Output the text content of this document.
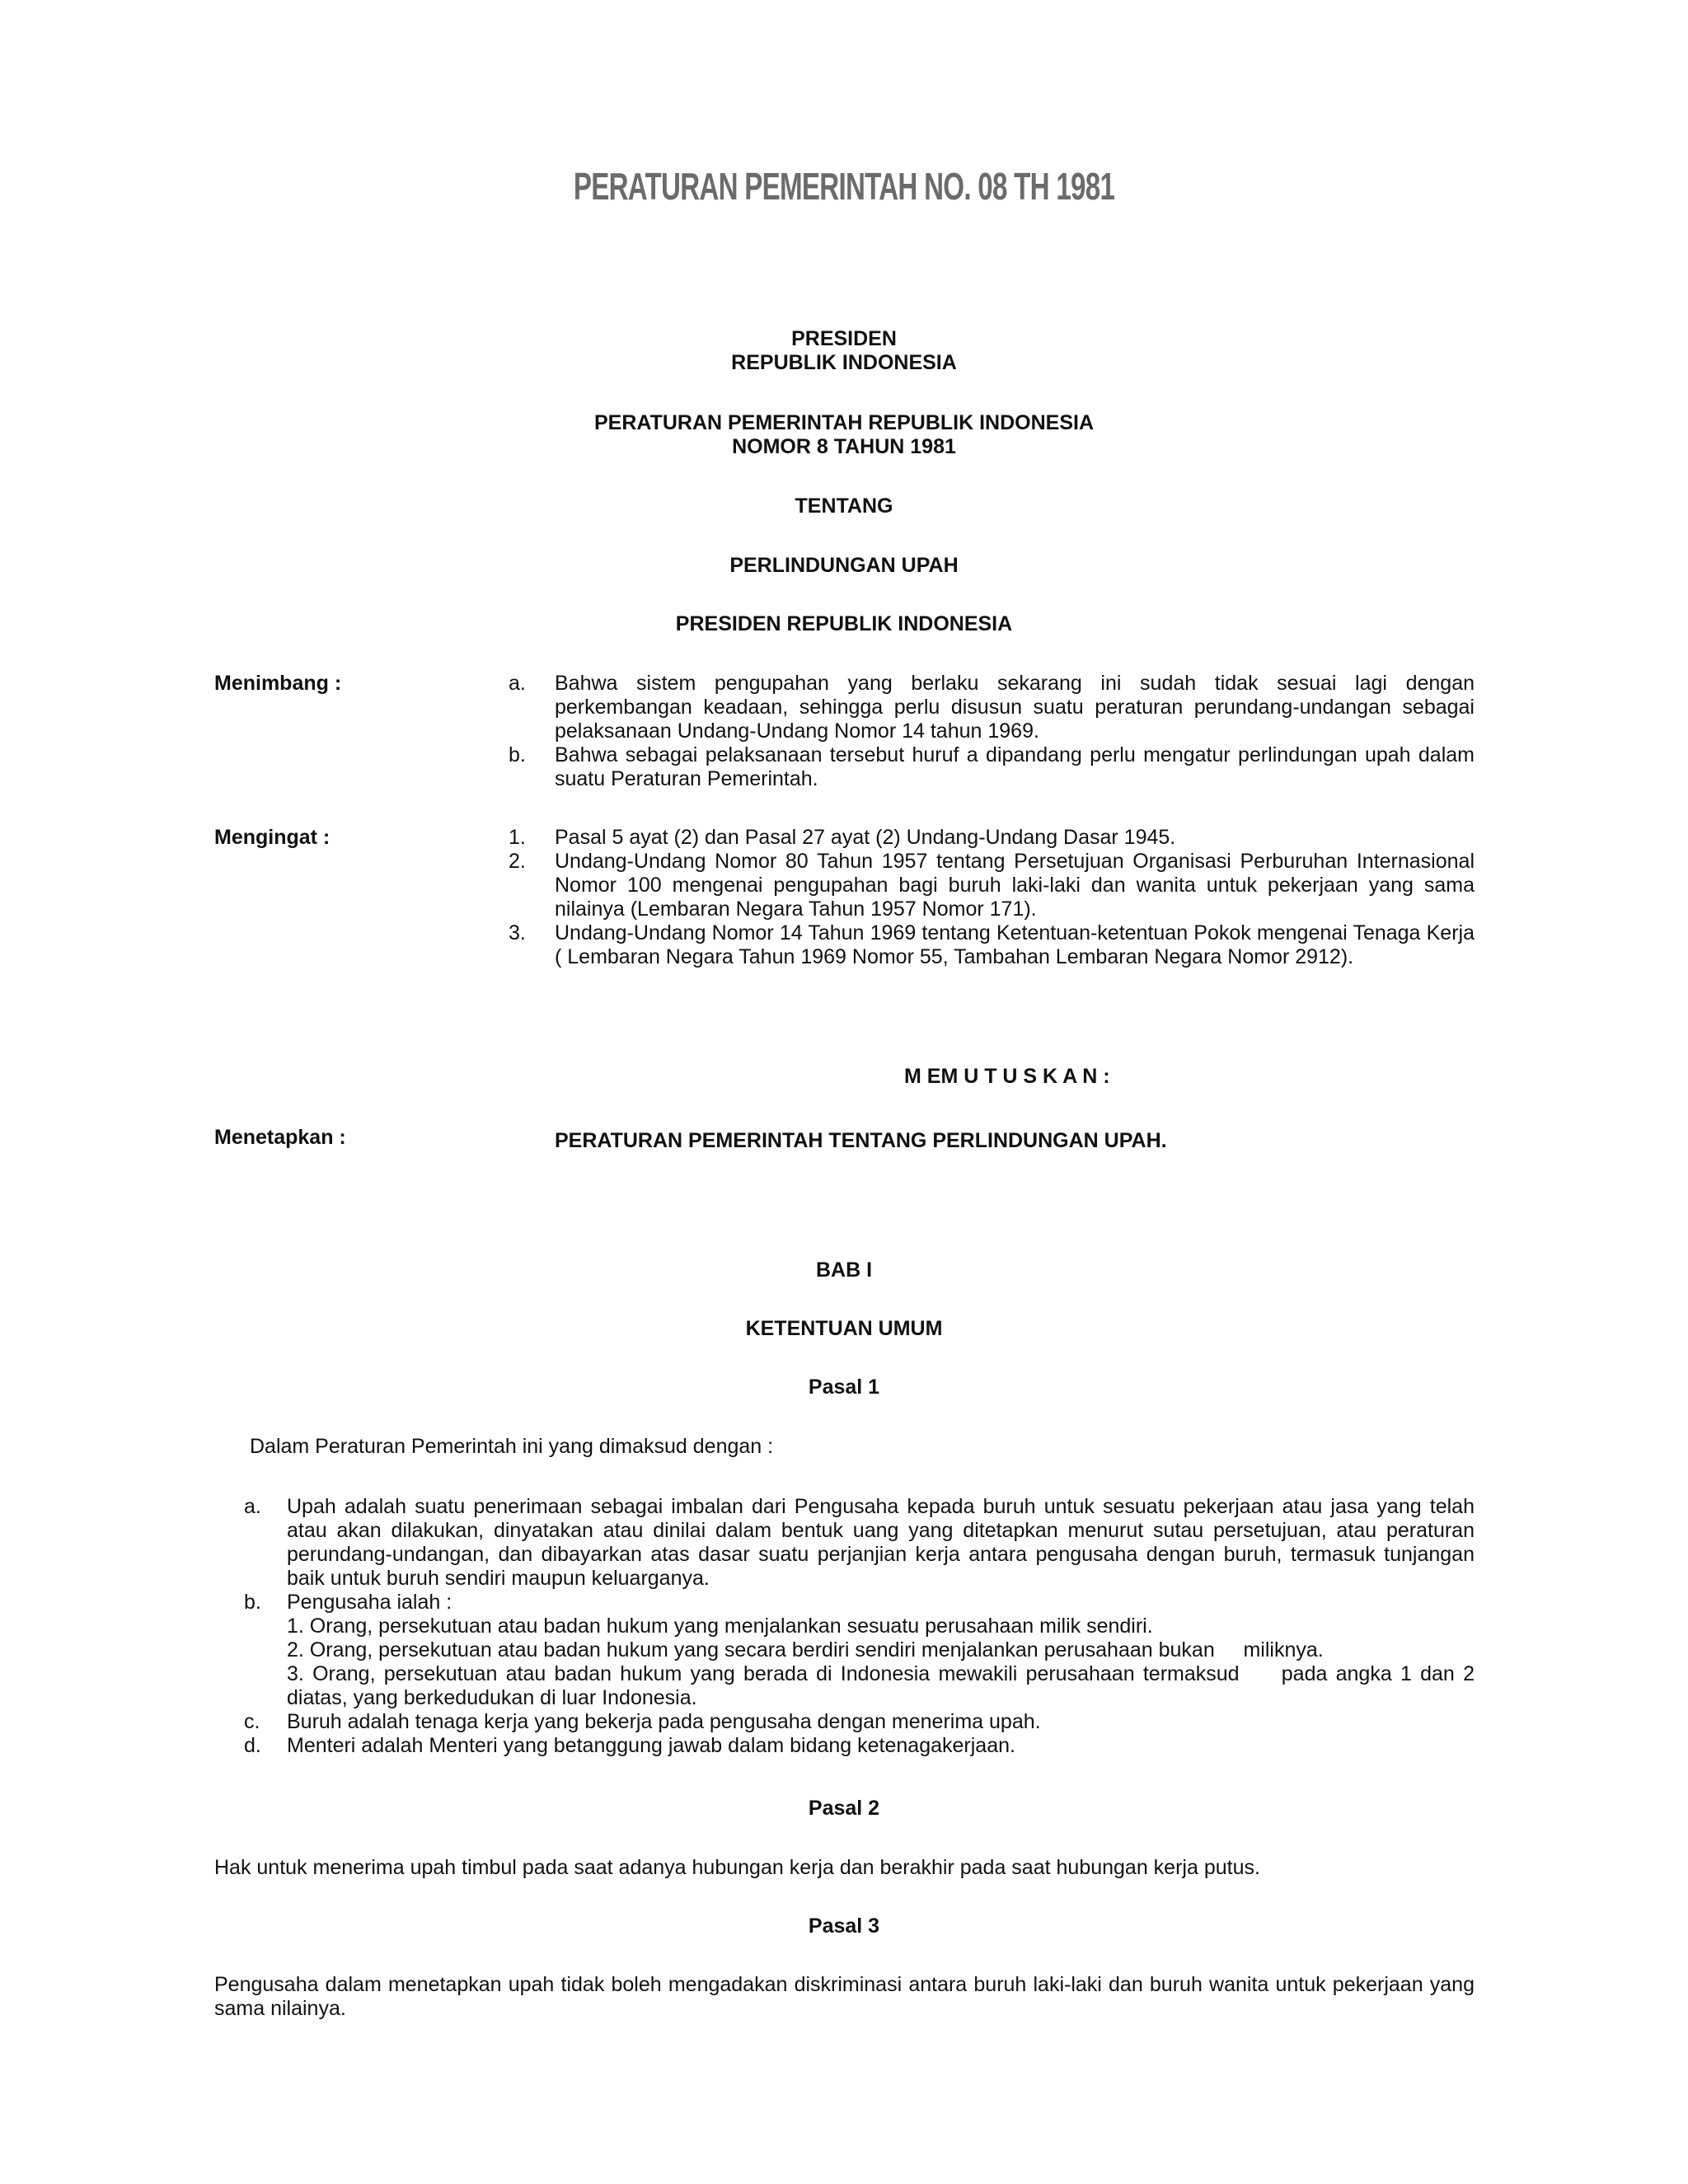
PERATURAN PEMERINTAH NO. 08 TH 1981
PRESIDEN
REPUBLIK INDONESIA
PERATURAN PEMERINTAH REPUBLIK INDONESIA
NOMOR 8 TAHUN 1981
TENTANG
PERLINDUNGAN UPAH
PRESIDEN REPUBLIK INDONESIA
Menimbang :	a.	Bahwa sistem pengupahan yang berlaku sekarang ini sudah tidak sesuai lagi dengan perkembangan keadaan, sehingga perlu disusun suatu peraturan perundang-undangan sebagai pelaksanaan Undang-Undang Nomor 14 tahun 1969.
b.	Bahwa sebagai pelaksanaan tersebut huruf a dipandang perlu mengatur perlindungan upah dalam suatu Peraturan Pemerintah.
Mengingat :	1.	Pasal 5 ayat (2) dan Pasal 27 ayat (2) Undang-Undang Dasar 1945.
2.	Undang-Undang Nomor 80 Tahun 1957 tentang Persetujuan Organisasi Perburuhan Internasional Nomor 100 mengenai pengupahan bagi buruh laki-laki dan wanita untuk pekerjaan yang sama nilainya (Lembaran Negara Tahun 1957 Nomor 171).
3.	Undang-Undang Nomor 14 Tahun 1969 tentang Ketentuan-ketentuan Pokok mengenai Tenaga Kerja ( Lembaran Negara Tahun 1969 Nomor 55, Tambahan Lembaran Negara Nomor 2912).
M EM U T U S K A N :
Menetapkan :	PERATURAN PEMERINTAH TENTANG PERLINDUNGAN UPAH.
BAB I
KETENTUAN UMUM
Pasal 1
Dalam Peraturan Pemerintah ini yang dimaksud dengan :
a.	Upah adalah suatu penerimaan sebagai imbalan dari Pengusaha kepada buruh untuk sesuatu pekerjaan atau jasa yang telah atau akan dilakukan, dinyatakan atau dinilai dalam bentuk uang yang ditetapkan menurut sutau persetujuan, atau peraturan perundang-undangan, dan dibayarkan atas dasar suatu perjanjian kerja antara pengusaha dengan buruh, termasuk tunjangan baik untuk buruh sendiri maupun keluarganya.
b.	Pengusaha ialah :
1. Orang, persekutuan atau badan hukum yang menjalankan sesuatu perusahaan milik sendiri.
2. Orang, persekutuan atau badan hukum yang secara berdiri sendiri menjalankan perusahaan bukan     miliknya.
3. Orang, persekutuan atau badan hukum yang berada di Indonesia mewakili perusahaan termaksud     pada angka 1 dan 2 diatas, yang berkedudukan di luar Indonesia.
c.	Buruh adalah tenaga kerja yang bekerja pada pengusaha dengan menerima upah.
d.	Menteri adalah Menteri yang betanggung jawab dalam bidang ketenagakerjaan.
Pasal 2
Hak untuk menerima upah timbul pada saat adanya hubungan kerja dan berakhir pada saat hubungan kerja putus.
Pasal 3
Pengusaha dalam menetapkan upah tidak boleh mengadakan diskriminasi antara buruh laki-laki dan buruh wanita untuk pekerjaan yang sama nilainya.
